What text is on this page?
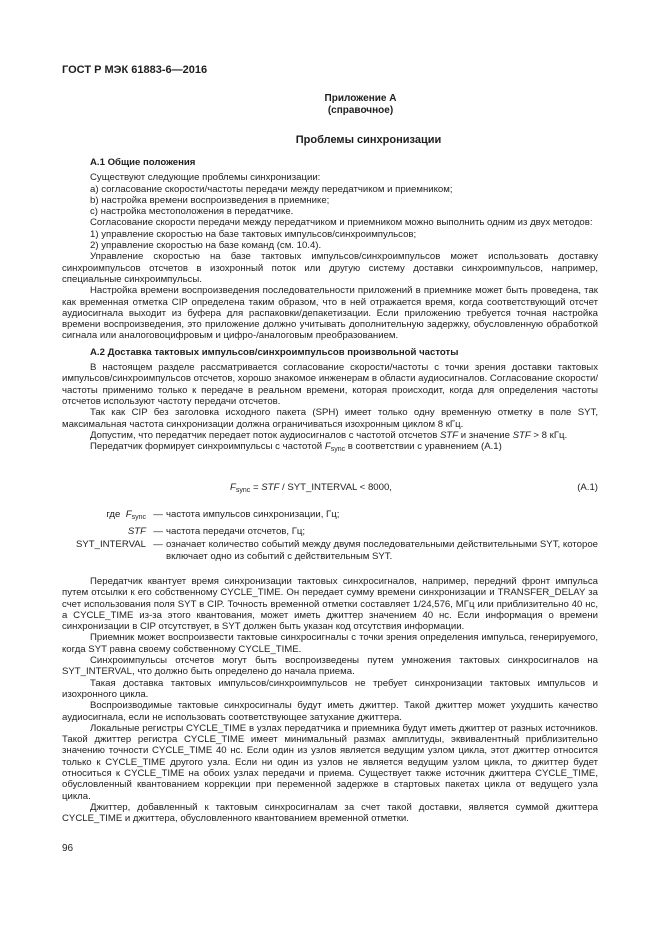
ГОСТ Р МЭК 61883-6—2016
Приложение А
(справочное)
Проблемы синхронизации

А.1 Общие положения

Существуют следующие проблемы синхронизации:

а) согласование скорости/частоты передачи между передатчиком и приемником;

b) настройка времени воспроизведения в приемнике;

с) настройка местоположения в передатчике.

Согласование скорости передачи между передатчиком и приемником можно выполнить одним из двух методов:

1) управление скоростью на базе тактовых импульсов/синхроимпульсов;

2) управление скоростью на базе команд (см. 10.4).

Управление скоростью на базе тактовых импульсов/синхроимпульсов может использовать доставку синхроимпульсов отсчетов в изохронный поток или другую систему доставки синхроимпульсов, например, специальные синхроимпульсы.

Настройка времени воспроизведения последовательности приложений в приемнике может быть проведена, так как временная отметка CIP определена таким образом, что в ней отражается время, когда соответствующий отсчет аудиосигнала выходит из буфера для распаковки/депакетизации. Если приложению требуется точная настройка времени воспроизведения, это приложение должно учитывать дополнительную задержку, обусловленную обработкой сигнала или аналоговоцифровым и цифро-/аналоговым преобразованием.

А.2 Доставка тактовых импульсов/синхроимпульсов произвольной частоты

В настоящем разделе рассматривается согласование скорости/частоты с точки зрения доставки тактовых импульсов/синхроимпульсов отсчетов, хорошо знакомое инженерам в области аудиосигналов. Согласование скорости/частоты применимо только к передаче в реальном времени, которая происходит, когда для определения частоты отсчетов используют частоту передачи отсчетов.

Так как CIP без заголовка исходного пакета (SPH) имеет только одну временную отметку в поле SYT, максимальная частота синхронизации должна ограничиваться изохронным циклом 8 кГц.

Допустим, что передатчик передает поток аудиосигналов с частотой отсчетов STF и значение STF > 8 кГц.

Передатчик формирует синхроимпульсы с частотой $F_{sync}$ в соответствии с уравнением (А.1)

$F_{sync}$ = STF / SYT_INTERVAL < 8000,	(А.1)
где $F_{sync}$ — частота импульсов синхронизации, Гц;
STF — частота передачи отсчетов, Гц;
SYT_INTERVAL — означает количество событий между двумя последовательными действительными SYT, которое включает одно из событий с действительным SYT.

Передатчик квантует время синхронизации тактовых синхросигналов, например, передний фронт импульса путем отсылки к его собственному CYCLE_TIME. Он передает сумму времени синхронизации и TRANSFER_DELAY за счет использования поля SYT в CIP. Точность временной отметки составляет 1/24,576, МГц или приблизительно 40 нс, а CYCLE_TIME из-за этого квантования, может иметь джиттер значением 40 нс. Если информация о времени синхронизации в CIP отсутствует, в SYT должен быть указан код отсутствия информации.

Приемник может воспроизвести тактовые синхросигналы с точки зрения определения импульса, генерируемого, когда SYT равна своему собственному CYCLE_TIME.

Синхроимпульсы отсчетов могут быть воспроизведены путем умножения тактовых синхросигналов на SYT_INTERVAL, что должно быть определено до начала приема.

Такая доставка тактовых импульсов/синхроимпульсов не требует синхронизации тактовых импульсов и изохронного цикла.

Воспроизводимые тактовые синхросигналы будут иметь джиттер. Такой джиттер может ухудшить качество аудиосигнала, если не использовать соответствующее затухание джиттера.

Локальные регистры CYCLE_TIME в узлах передатчика и приемника будут иметь джиттер от разных источников. Такой джиттер регистра CYCLE_TIME имеет минимальный размах амплитуды, эквивалентный приблизительно значению точности CYCLE_TIME 40 нс. Если один из узлов является ведущим узлом цикла, этот джиттер относится только к CYCLE_TIME другого узла. Если ни один из узлов не является ведущим узлом цикла, то джиттер будет относиться к CYCLE_TIME на обоих узлах передачи и приема. Существует также источник джиттера CYCLE_TIME, обусловленный квантованием коррекции при переменной задержке в стартовых пакетах цикла от ведущего узла цикла.

Джиттер, добавленный к тактовым синхросигналам за счет такой доставки, является суммой джиттера CYCLE_TIME и джиттера, обусловленного квантованием временной отметки.

96
